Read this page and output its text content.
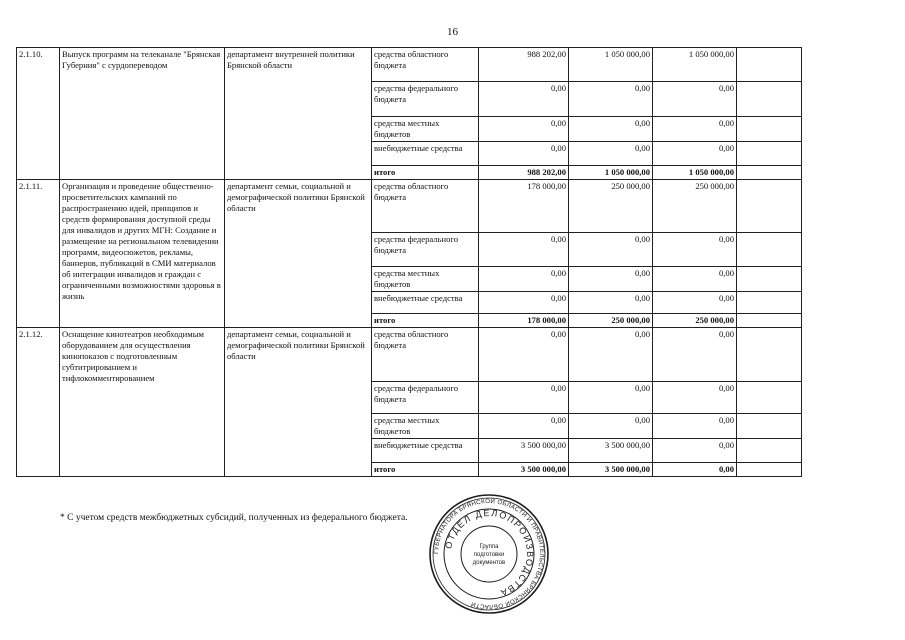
16
2.1.10.	Выпуск программ на телеканале "Брянская Губерния" с сурдопереводом	департамент внутренней политики Брянской области	средства областного бюджета	988 202,00	1 050 000,00	1 050 000,00	
			средства федерального бюджета	0,00	0,00	0,00	
			средства местных бюджетов	0,00	0,00	0,00	
			внебюджетные средства	0,00	0,00	0,00	
			итого	988 202,00	1 050 000,00	1 050 000,00	
2.1.11.	Организация и проведение общественно- просветительских кампаний по распространению идей, принципов и средств формирования доступной среды для инвалидов и других МГН: Создание и размещение на региональном телевидении программ, видеосюжетов, рекламы, баннеров, публикаций в СМИ материалов об интеграции инвалидов и граждан с ограниченными возможностями здоровья в жизнь	департамент семьи, социальной и демографической политики Брянской области	средства областного бюджета	178 000,00	250 000,00	250 000,00	
			средства федерального бюджета	0,00	0,00	0,00	
			средства местных бюджетов	0,00	0,00	0,00	
			внебюджетные средства	0,00	0,00	0,00	
			итого	178 000,00	250 000,00	250 000,00	
2.1.12.	Оснащение кинотеатров необходимым оборудованием для осуществления кинопоказов с подготовленным субтитрированием и тифлокомментированием	департамент семьи, социальной и демографической политики Брянской области	средства областного бюджета	0,00	0,00	0,00	
			средства федерального бюджета	0,00	0,00	0,00	
			средства местных бюджетов	0,00	0,00	0,00	
			внебюджетные средства	3 500 000,00	3 500 000,00	0,00	
			итого	3 500 000,00	3 500 000,00	0,00	
* С учетом средств межбюджетных субсидий, полученных из федерального бюджета.
ГУБЕРНАТОРА БРЯНСКОЙ ОБЛАСТИ И ПРАВИТЕЛЬСТВА БРЯНСКОЙ ОБЛАСТИ
ОТДЕЛ ДЕЛОПРОИЗВОДСТВА
Группа
подготовки
документов
